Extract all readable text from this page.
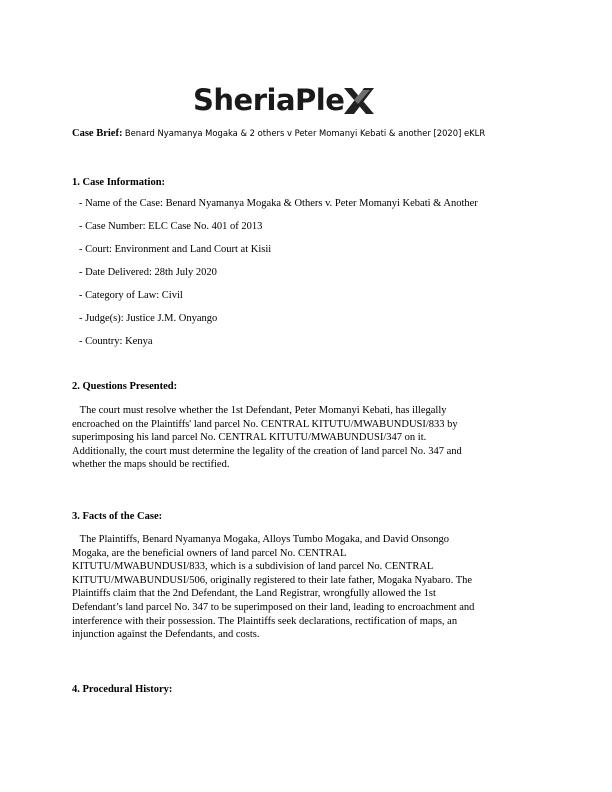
SheriaPle
Case Brief: Benard Nyamanya Mogaka & 2 others v Peter Momanyi Kebati & another [2020] eKLR
1. Case Information:
- Name of the Case: Benard Nyamanya Mogaka & Others v. Peter Momanyi Kebati & Another
- Case Number: ELC Case No. 401 of 2013
- Court: Environment and Land Court at Kisii
- Date Delivered: 28th July 2020
- Category of Law: Civil
- Judge(s): Justice J.M. Onyango
- Country: Kenya
2. Questions Presented:
The court must resolve whether the 1st Defendant, Peter Momanyi Kebati, has illegally
encroached on the Plaintiffs' land parcel No. CENTRAL KITUTU/MWABUNDUSI/833 by
superimposing his land parcel No. CENTRAL KITUTU/MWABUNDUSI/347 on it.
Additionally, the court must determine the legality of the creation of land parcel No. 347 and
whether the maps should be rectified.
3. Facts of the Case:
The Plaintiffs, Benard Nyamanya Mogaka, Alloys Tumbo Mogaka, and David Onsongo
Mogaka, are the beneficial owners of land parcel No. CENTRAL
KITUTU/MWABUNDUSI/833, which is a subdivision of land parcel No. CENTRAL
KITUTU/MWABUNDUSI/506, originally registered to their late father, Mogaka Nyabaro. The
Plaintiffs claim that the 2nd Defendant, the Land Registrar, wrongfully allowed the 1st
Defendant’s land parcel No. 347 to be superimposed on their land, leading to encroachment and
interference with their possession. The Plaintiffs seek declarations, rectification of maps, an
injunction against the Defendants, and costs.
4. Procedural History:
